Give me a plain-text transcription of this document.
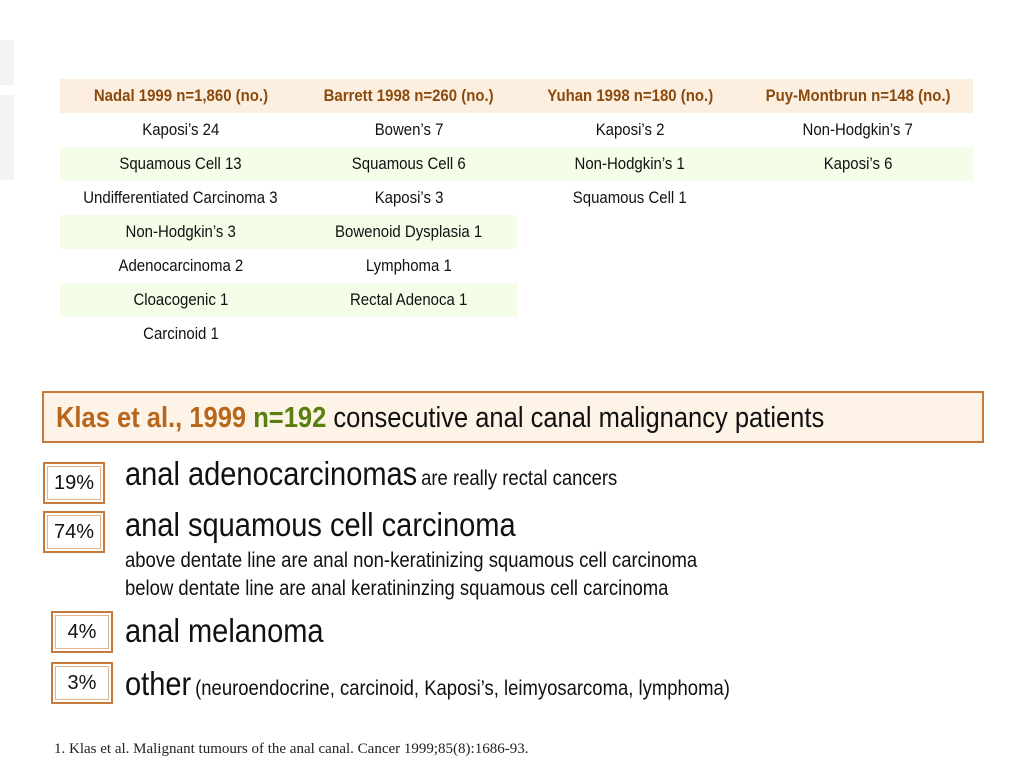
Nadal 1999 n=1,860 (no.)	Barrett 1998 n=260 (no.)	Yuhan 1998 n=180 (no.)	Puy-Montbrun n=148 (no.)
Kaposi’s 24	Bowen’s 7	Kaposi’s 2	Non-Hodgkin’s 7
Squamous Cell 13	Squamous Cell 6	Non-Hodgkin’s 1	Kaposi’s 6
Undifferentiated Carcinoma 3	Kaposi’s 3	Squamous Cell 1	
Non-Hodgkin’s 3	Bowenoid Dysplasia 1		
Adenocarcinoma 2	Lymphoma 1		
Cloacogenic 1	Rectal Adenoca 1		
Carcinoid 1			
Klas et al., 1999 n=192 consecutive anal canal malignancy patients
19% anal adenocarcinomas are really rectal cancers
74% anal squamous cell carcinoma
above dentate line are anal non-keratinizing squamous cell carcinoma
below dentate line are anal keratininzing squamous cell carcinoma
4% anal melanoma
3% other (neuroendocrine, carcinoid, Kaposi’s, leimyosarcoma, lymphoma)
1. Klas et al. Malignant tumours of the anal canal. Cancer 1999;85(8):1686-93.
